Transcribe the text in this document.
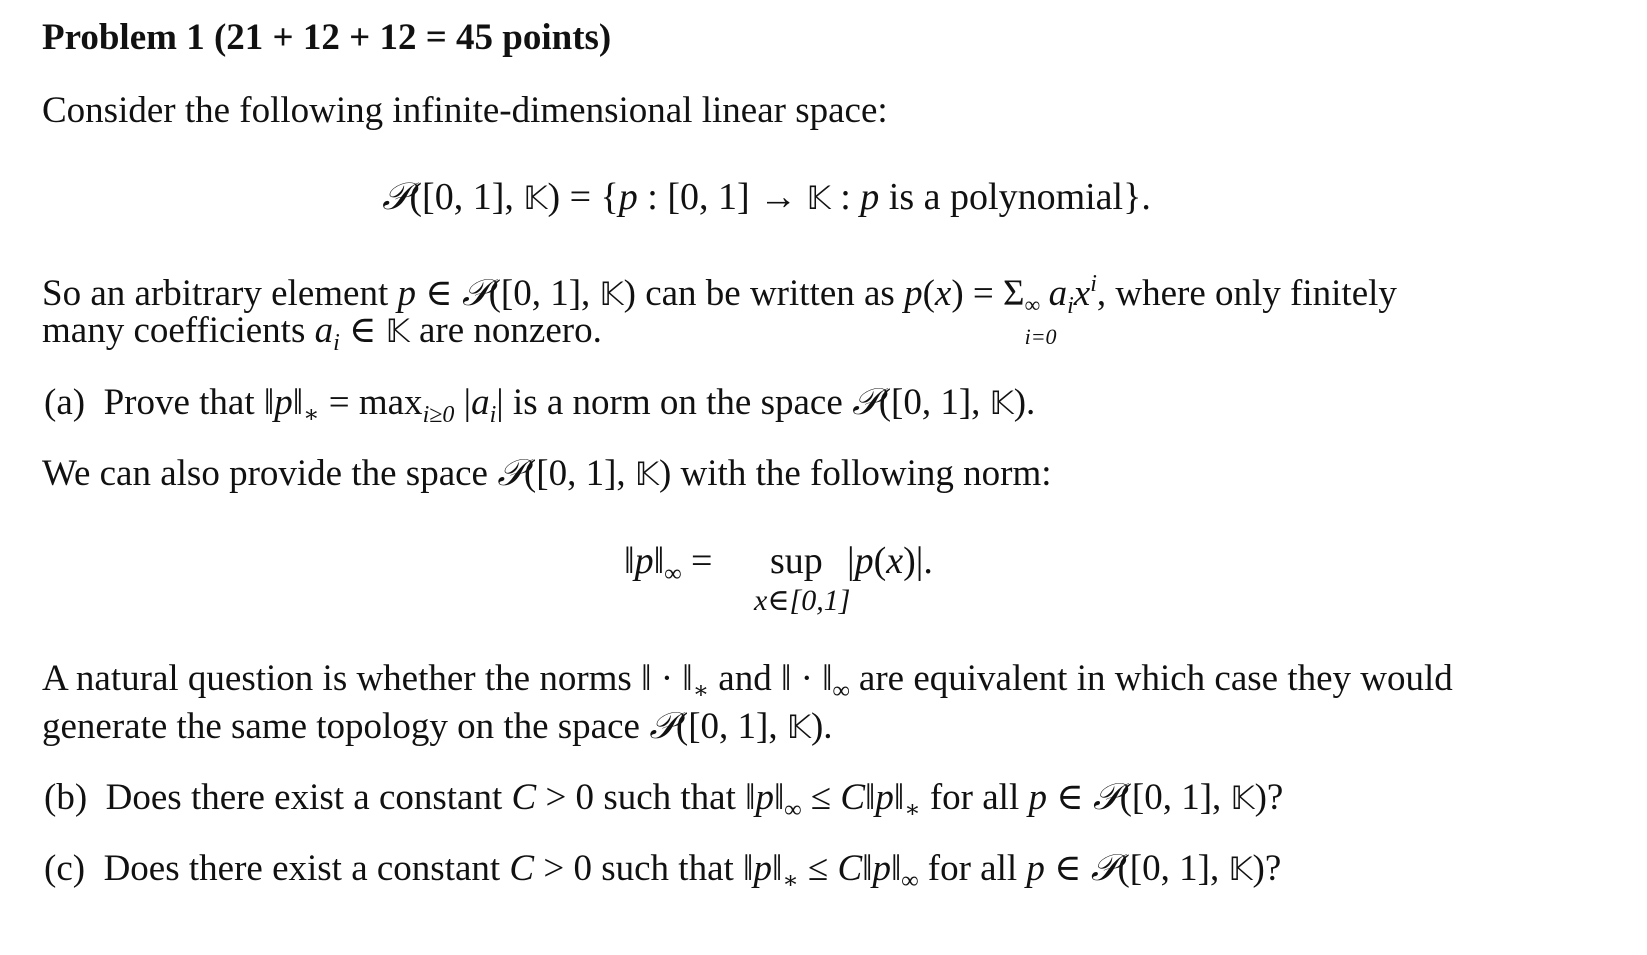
Problem 1 (21 + 12 + 12 = 45 points)
Consider the following infinite-dimensional linear space:
𝒫([0, 1], 𝕂) = {p : [0, 1] → 𝕂 : p is a polynomial}.
So an arbitrary element p ∈ 𝒫([0, 1], 𝕂) can be written as p(x) = Σ ∞
i=0
$a_ix^i$, where only finitely
many coefficients $a_i$ ∈ 𝕂 are nonzero.
(a) Prove that $‖p‖_∗ = \max_{i\ge 0} |a_i|$ is a norm on the space 𝒫([0, 1], 𝕂).
We can also provide the space 𝒫([0, 1], 𝕂) with the following norm:
$‖p‖_\infty$ = sup
x∈[0,1]
|p(x)|.
A natural question is whether the norms ‖ · $‖_∗$ and ‖ · $‖_\infty$ are equivalent in which case they would
generate the same topology on the space 𝒫([0, 1], 𝕂).
(b) Does there exist a constant C > 0 such that $‖p‖_\infty$ ≤ $C‖p‖_∗$ for all p ∈ 𝒫([0, 1], 𝕂)?
(c) Does there exist a constant C > 0 such that $‖p‖_∗$ ≤ $C‖p‖_\infty$ for all p ∈ 𝒫([0, 1], 𝕂)?
